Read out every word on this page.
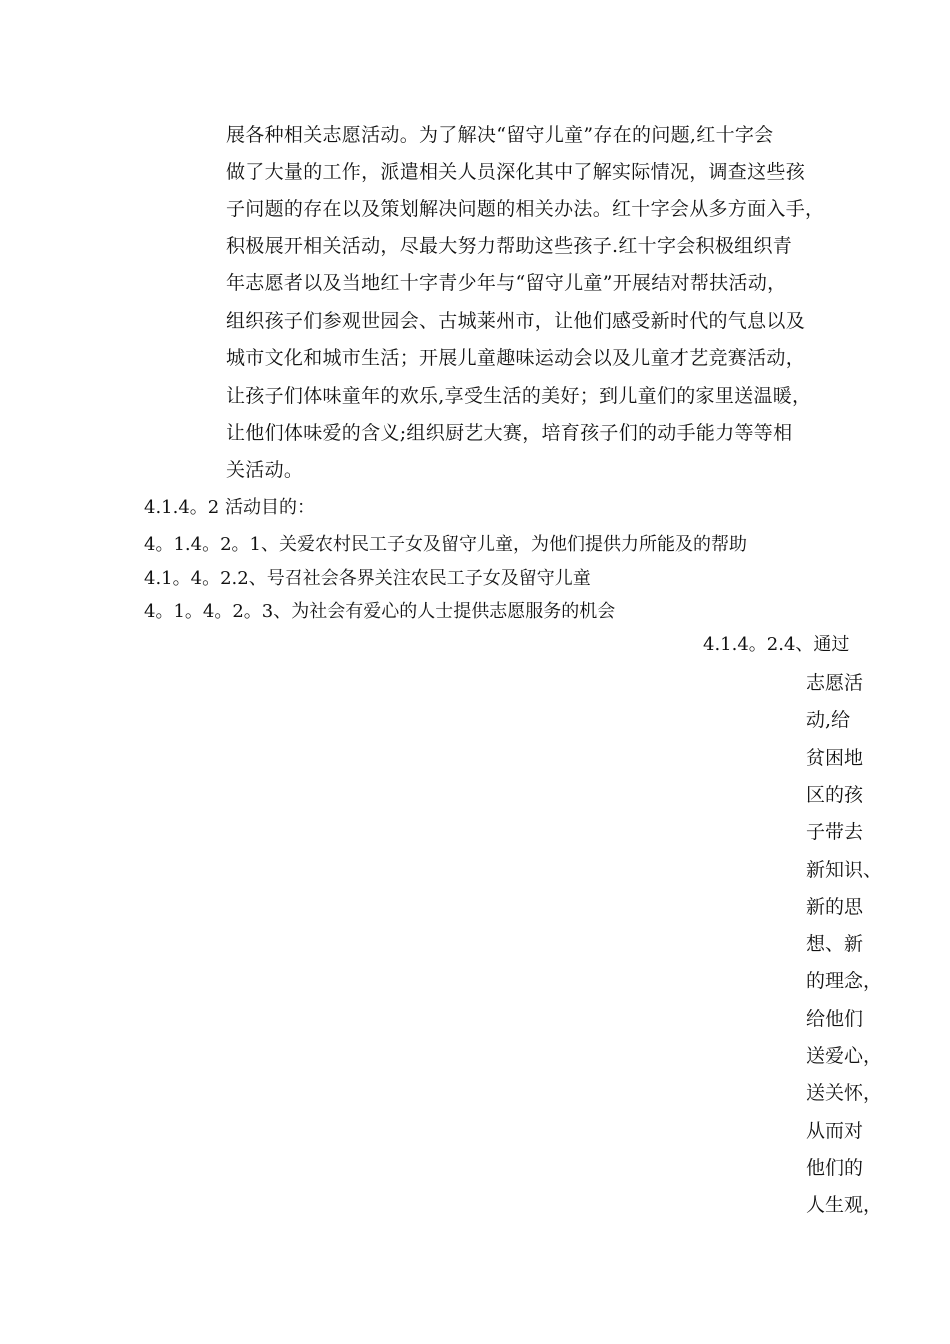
展各种相关志愿活动。为了解决“留守儿童”存在的问题,红十字会
做了大量的工作，派遣相关人员深化其中了解实际情况，调查这些孩
子问题的存在以及策划解决问题的相关办法。红十字会从多方面入手，
积极展开相关活动，尽最大努力帮助这些孩子.红十字会积极组织青
年志愿者以及当地红十字青少年与“留守儿童”开展结对帮扶活动，
组织孩子们参观世园会、古城莱州市，让他们感受新时代的气息以及
城市文化和城市生活；开展儿童趣味运动会以及儿童才艺竞赛活动，
让孩子们体味童年的欢乐,享受生活的美好；到儿童们的家里送温暖，
让他们体味爱的含义;组织厨艺大赛，培育孩子们的动手能力等等相
关活动。
4.1.4。2 活动目的：
4。1.4。2。1、关爱农村民工子女及留守儿童，为他们提供力所能及的帮助
4.1。4。2.2、号召社会各界关注农民工子女及留守儿童
4。1。4。2。3、为社会有爱心的人士提供志愿服务的机会
4.1.4。2.4、通过
志愿活
动,给
贫困地
区的孩
子带去
新知识、
新的思
想、新
的理念，
给他们
送爱心，
送关怀，
从而对
他们的
人生观，
